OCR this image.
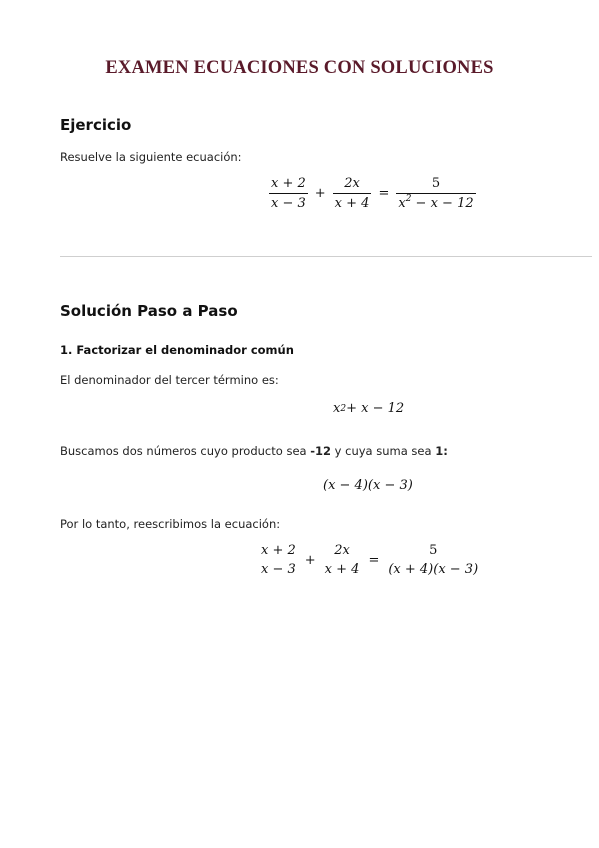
EXAMEN ECUACIONES CON SOLUCIONES
Ejercicio
Resuelve la siguiente ecuación:
$\frac{x + 2}{x - 3} + \frac{2x}{x + 4} = \frac{5}{x^2 - x - 12}$
Solución Paso a Paso
1. Factorizar el denominador común
El denominador del tercer término es:
x 2 + x − 12
Buscamos dos números cuyo producto sea -12 y cuya suma sea 1:
(x − 4)(x − 3)
Por lo tanto, reescribimos la ecuación:
x + 2
x − 3
+
2x
x + 4
=
5
(x + 4)(x − 3)
